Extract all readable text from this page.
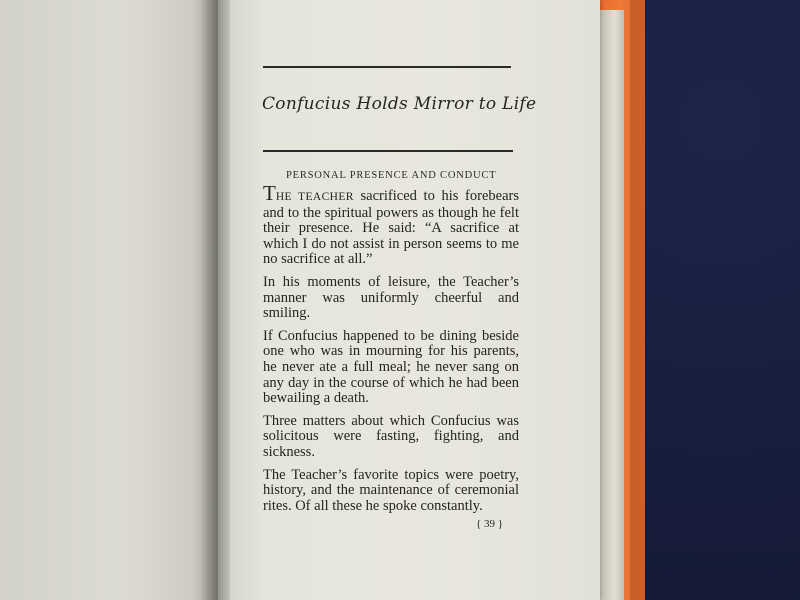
Confucius Holds Mirror to Life
PERSONAL PRESENCE AND CONDUCT

THE TEACHER sacrificed to his forebears and to the spiritual powers as though he felt their presence. He said: “A sacrifice at which I do not assist in person seems to me no sacrifice at all.”

In his moments of leisure, the Teacher’s manner was uniformly cheerful and smiling.

If Confucius happened to be dining beside one who was in mourning for his parents, he never ate a full meal; he never sang on any day in the course of which he had been bewailing a death.

Three matters about which Confucius was solicitous were fasting, fighting, and sickness.

The Teacher’s favorite topics were poetry, history, and the maintenance of ceremonial rites. Of all these he spoke constantly.

{ 39 }
